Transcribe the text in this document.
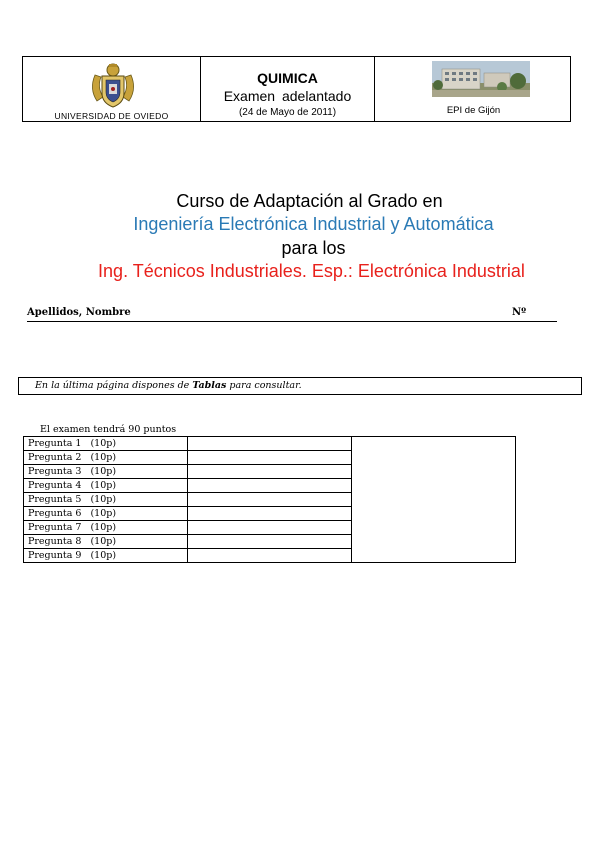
UNIVERSIDAD DE OVIEDO
QUIMICA
Examen adelantado
(24 de Mayo de 2011)	EPI de Gijón
Curso de Adaptación al Grado en
Ingeniería Electrónica Industrial y Automática
para los
Ing. Técnicos Industriales. Esp.: Electrónica Industrial
Apellidos, Nombre	Nº
En la última página dispones de Tablas para consultar.
El examen tendrá 90 puntos
Pregunta 1   (10p)		
Pregunta 2   (10p)		
Pregunta 3   (10p)		
Pregunta 4   (10p)		
Pregunta 5   (10p)		
Pregunta 6   (10p)		
Pregunta 7   (10p)		
Pregunta 8   (10p)		
Pregunta 9   (10p)		
